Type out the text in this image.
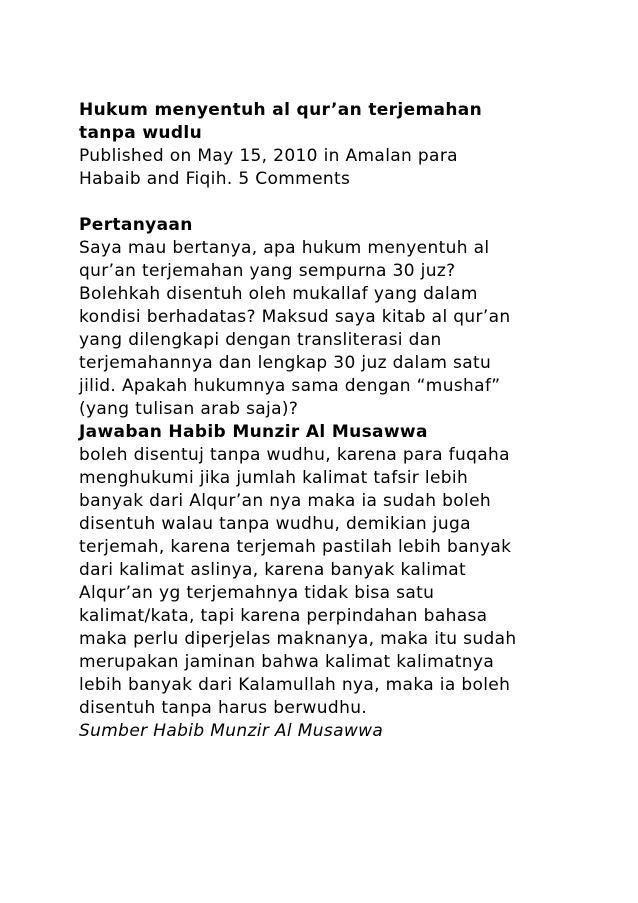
Hukum menyentuh al qur’an terjemahan
tanpa wudlu
Published on May 15, 2010 in Amalan para
Habaib and Fiqih. 5 Comments
Pertanyaan
Saya mau bertanya, apa hukum menyentuh al
qur’an terjemahan yang sempurna 30 juz?
Bolehkah disentuh oleh mukallaf yang dalam
kondisi berhadatas? Maksud saya kitab al qur’an
yang dilengkapi dengan transliterasi dan
terjemahannya dan lengkap 30 juz dalam satu
jilid. Apakah hukumnya sama dengan “mushaf”
(yang tulisan arab saja)?
Jawaban Habib Munzir Al Musawwa
boleh disentuj tanpa wudhu, karena para fuqaha
menghukumi jika jumlah kalimat tafsir lebih
banyak dari Alqur’an nya maka ia sudah boleh
disentuh walau tanpa wudhu, demikian juga
terjemah, karena terjemah pastilah lebih banyak
dari kalimat aslinya, karena banyak kalimat
Alqur’an yg terjemahnya tidak bisa satu
kalimat/kata, tapi karena perpindahan bahasa
maka perlu diperjelas maknanya, maka itu sudah
merupakan jaminan bahwa kalimat kalimatnya
lebih banyak dari Kalamullah nya, maka ia boleh
disentuh tanpa harus berwudhu.
Sumber Habib Munzir Al Musawwa
